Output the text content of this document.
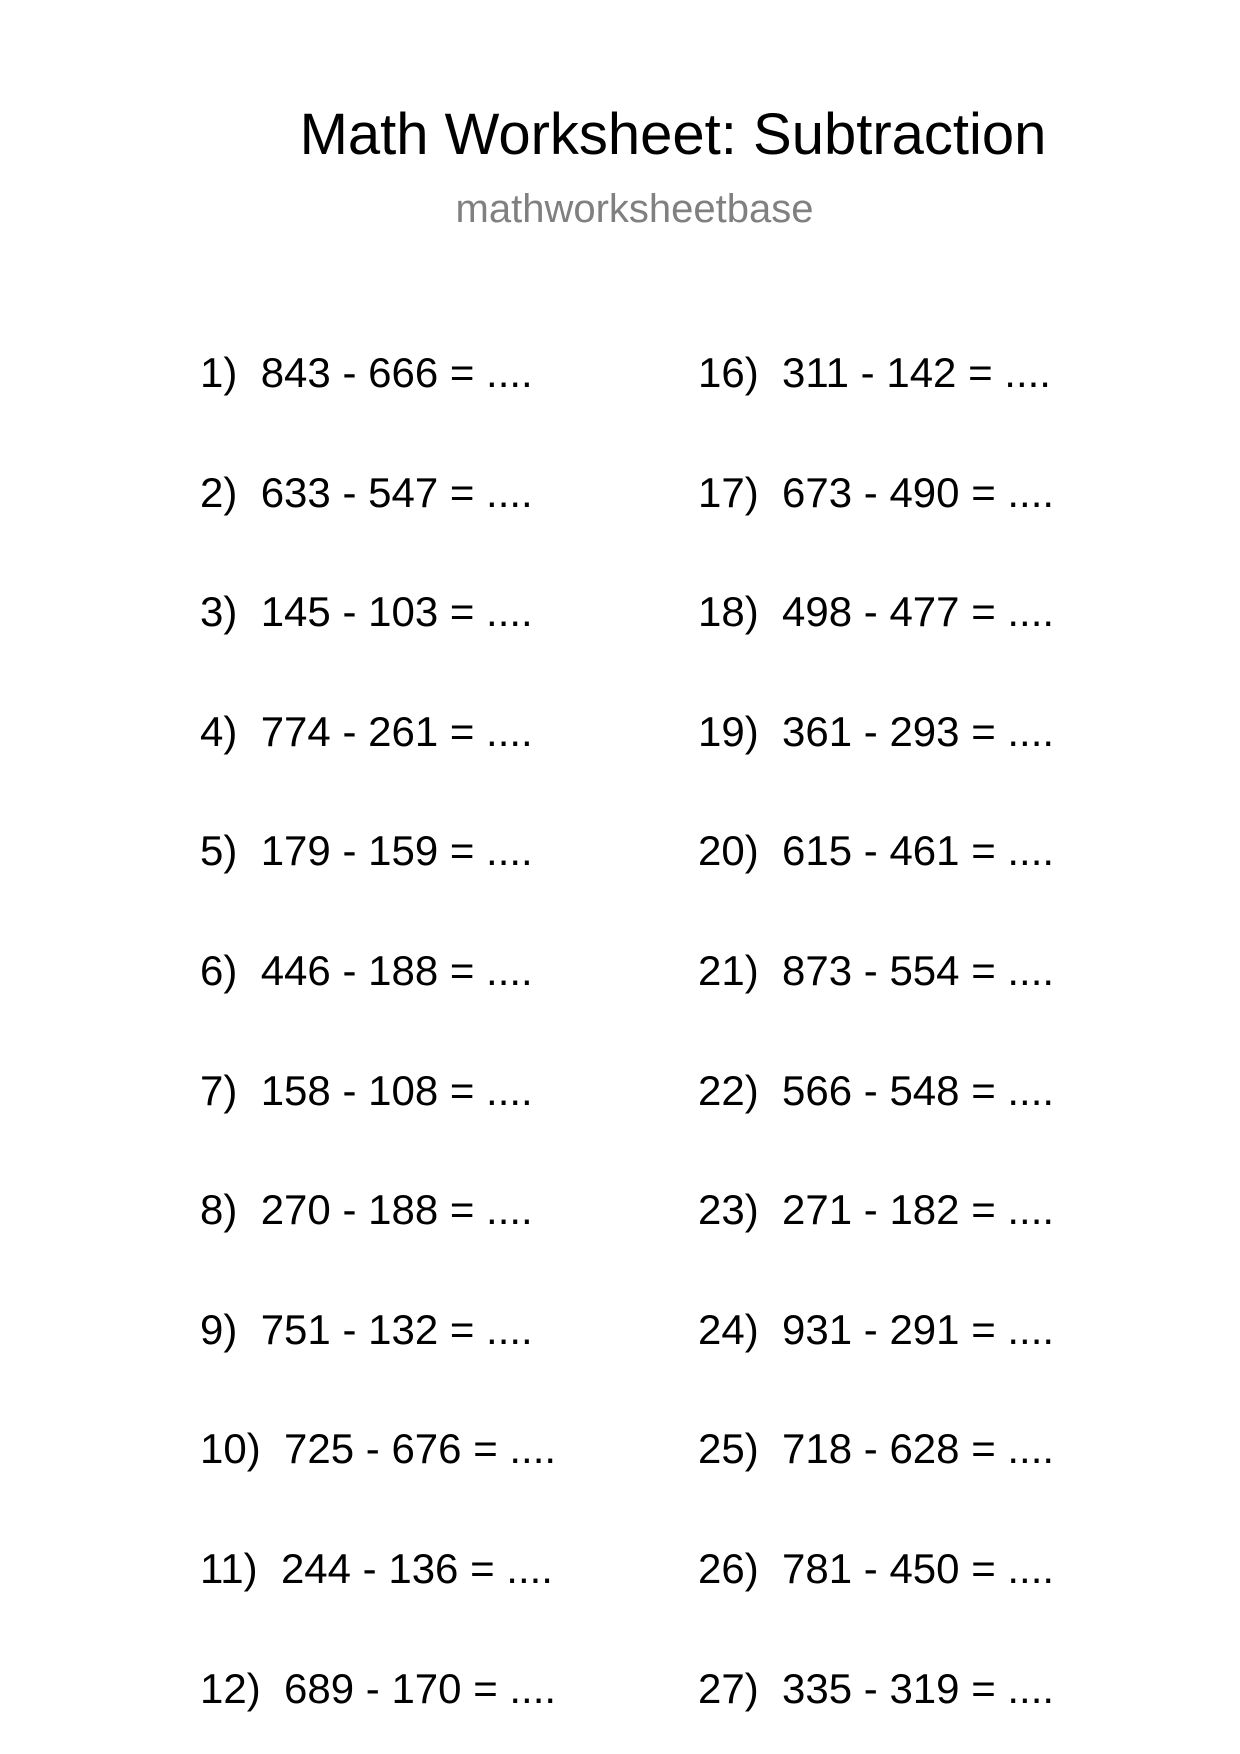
Math Worksheet: Subtraction
mathworksheetbase
1) 843 - 666 = ....
2) 633 - 547 = ....
3) 145 - 103 = ....
4) 774 - 261 = ....
5) 179 - 159 = ....
6) 446 - 188 = ....
7) 158 - 108 = ....
8) 270 - 188 = ....
9) 751 - 132 = ....
10) 725 - 676 = ....
11) 244 - 136 = ....
12) 689 - 170 = ....
16) 311 - 142 = ....
17) 673 - 490 = ....
18) 498 - 477 = ....
19) 361 - 293 = ....
20) 615 - 461 = ....
21) 873 - 554 = ....
22) 566 - 548 = ....
23) 271 - 182 = ....
24) 931 - 291 = ....
25) 718 - 628 = ....
26) 781 - 450 = ....
27) 335 - 319 = ....
